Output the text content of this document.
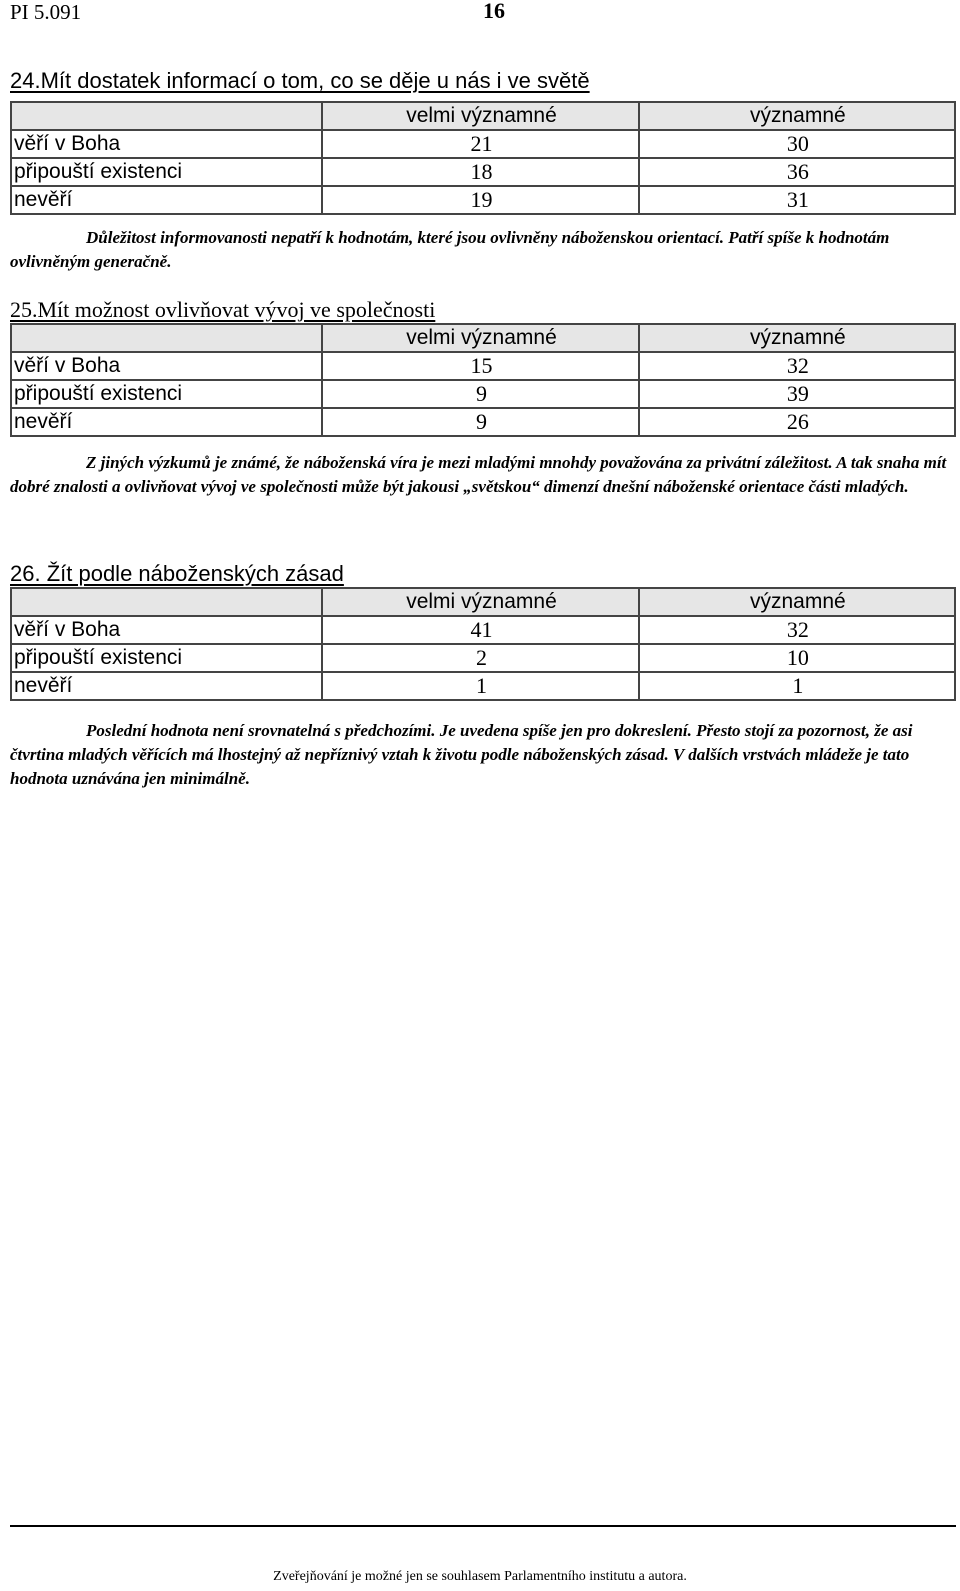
PI 5.091	16
24.Mít dostatek informací o tom, co se děje u nás i ve světě
	velmi významné	významné
věří v Boha	21	30
připouští existenci	18	36
nevěří	19	31

Důležitost informovanosti nepatří k hodnotám, které jsou ovlivněny náboženskou orientací. Patří spíše k hodnotám ovlivněným generačně.

25.Mít možnost ovlivňovat vývoj ve společnosti
	velmi významné	významné
věří v Boha	15	32
připouští existenci	9	39
nevěří	9	26

Z jiných výzkumů je známé, že náboženská víra je mezi mladými mnohdy považována za privátní záležitost. A tak snaha mít dobré znalosti a ovlivňovat vývoj ve společnosti může být jakousi „světskou“ dimenzí dnešní náboženské orientace části mladých.

26. Žít podle náboženských zásad
	velmi významné	významné
věří v Boha	41	32
připouští existenci	2	10
nevěří	1	1

Poslední hodnota není srovnatelná s předchozími. Je uvedena spíše jen pro dokreslení. Přesto stojí za pozornost, že asi čtvrtina mladých věřících má lhostejný až nepříznivý vztah k životu podle náboženských zásad. V dalších vrstvách mládeže je tato hodnota uznávána jen minimálně.

Zveřejňování je možné jen se souhlasem Parlamentního institutu a autora.
